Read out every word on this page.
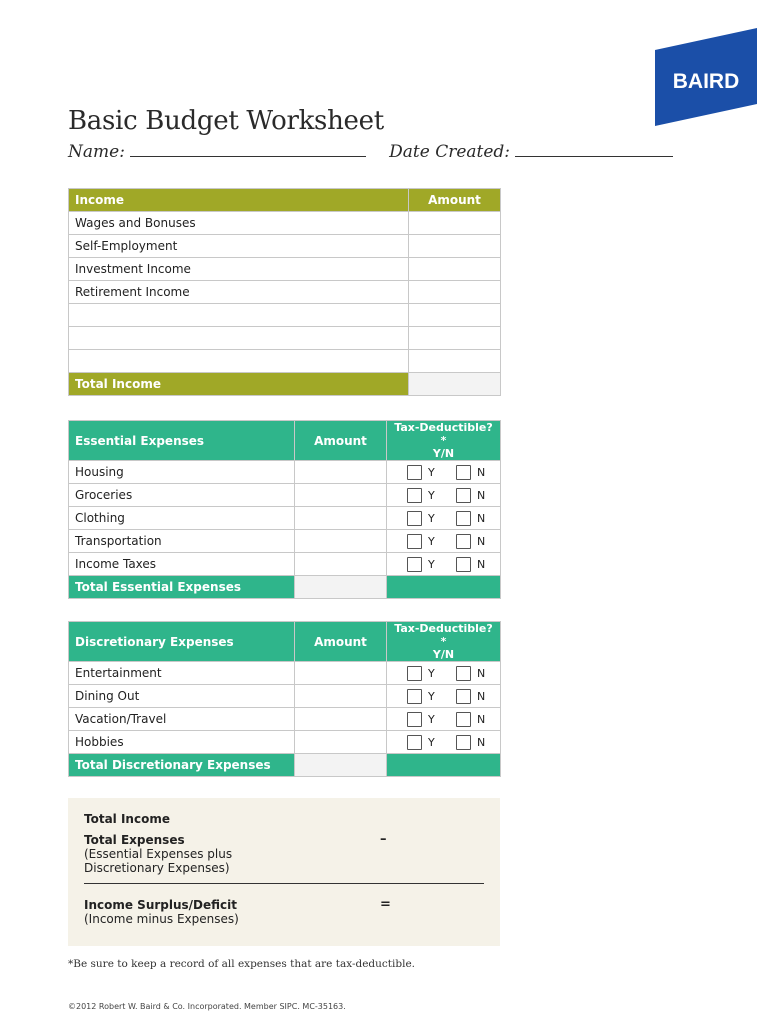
BAIRD
Basic Budget Worksheet
Name:	Date Created:
Income	Amount
Wages and Bonuses	
Self-Employment	
Investment Income	
Retirement Income	

Total Income	
Essential Expenses	Amount	Tax-Deductible?*
Y/N

Housing		Y N
Groceries		Y N
Clothing		Y N
Transportation		Y N
Income Taxes		Y N
Total Essential Expenses		
Discretionary Expenses	Amount	Tax-Deductible?*
Y/N

Entertainment		Y N
Dining Out		Y N
Vacation/Travel		Y N
Hobbies		Y N
Total Discretionary Expenses		
Total Income
Total Expenses
(Essential Expenses plus
Discretionary Expenses)
–
Income Surplus/Deficit
(Income minus Expenses)
=
*Be sure to keep a record of all expenses that are tax-deductible.
©2012 Robert W. Baird & Co. Incorporated. Member SIPC. MC-35163.
